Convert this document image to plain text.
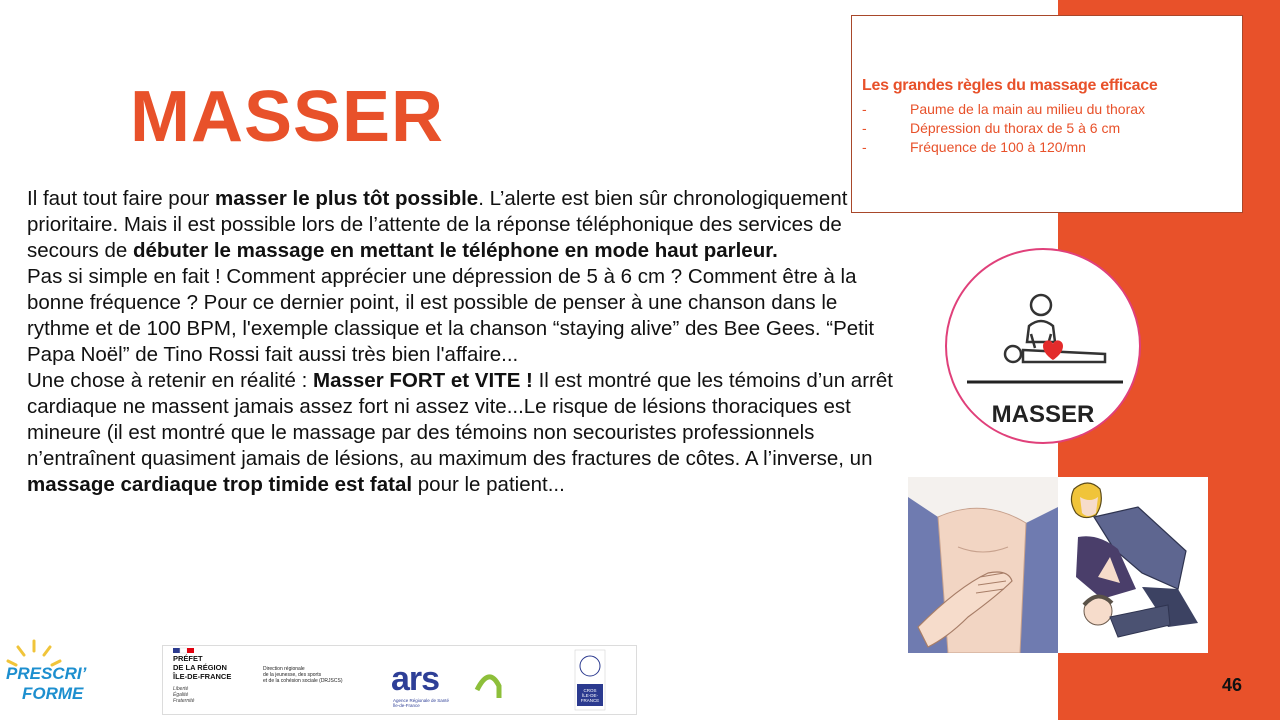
MASSER	Les grandes règles du massage efficace
-	Paume de la main au milieu du thorax
-	Dépression du thorax de 5 à 6 cm
-	Fréquence de 100 à 120/mn

Il faut tout faire pour masser le plus tôt possible. L’alerte est bien sûr chronologiquement prioritaire. Mais il est possible lors de l’attente de la réponse téléphonique des services de secours de débuter le massage en mettant le téléphone en mode haut parleur.

Pas si simple en fait ! Comment apprécier une dépression de 5 à 6 cm ? Comment être à la bonne fréquence ? Pour ce dernier point, il est possible de penser à une chanson dans le rythme et de 100 BPM, l'exemple classique et la chanson “staying alive” des Bee Gees. “Petit Papa Noël” de Tino Rossi fait aussi très bien l'affaire...

Une chose à retenir en réalité : Masser FORT et VITE ! Il est montré que les témoins d’un arrêt cardiaque ne massent jamais assez fort ni assez vite...Le risque de lésions thoraciques est mineure (il est montré que le massage par des témoins non secouristes professionnels n’entraînent quasiment jamais de lésions, au maximum des fractures de côtes. A l’inverse, un massage cardiaque trop timide est fatal pour le patient...

MASSER
PRESCRI’
FORME
PRÉFET
DE LA RÉGION
ÎLE-DE-FRANCE
Liberté
Égalité
Fraternité
Direction régionale
de la jeunesse, des sports
et de la cohésion sociale (DRJSCS) ars
Agence Régionale de Santé
Île-de-France
CROS
ÎLE-DE-
FRANCE
46
